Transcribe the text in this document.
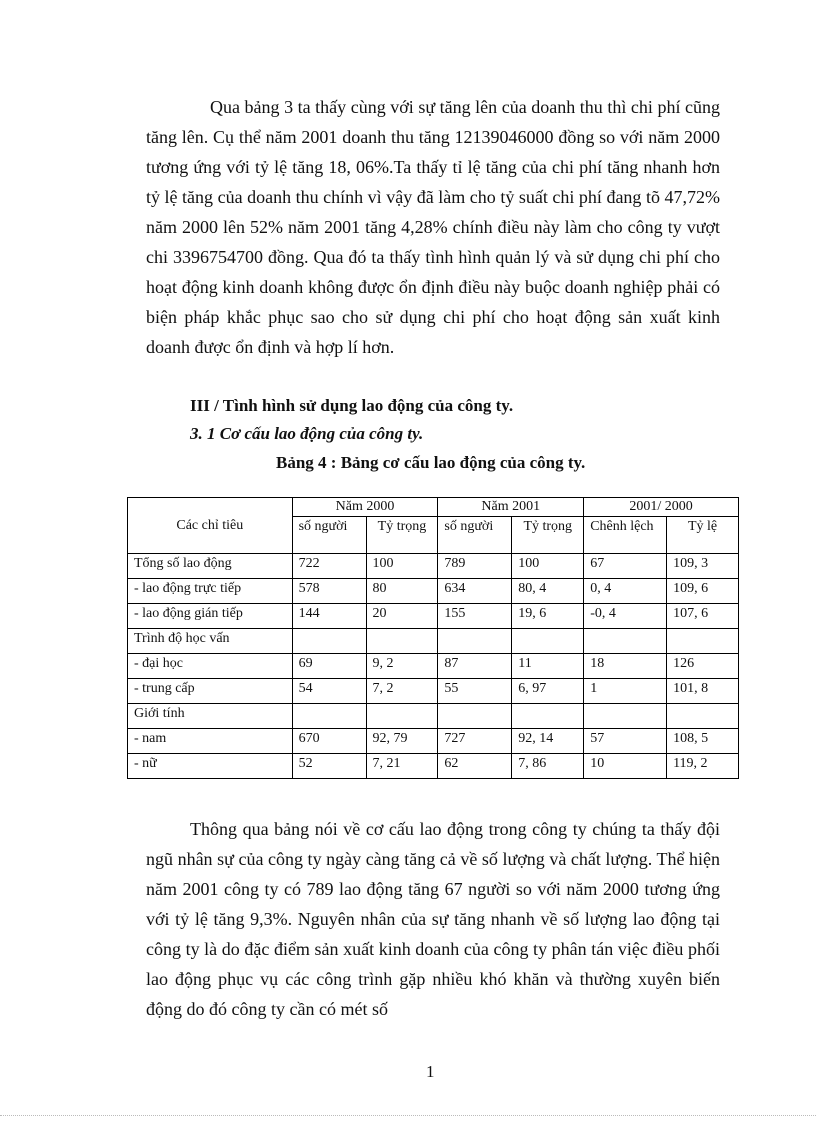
Qua bảng 3 ta thấy cùng với sự tăng lên của doanh thu thì chi phí cũng tăng lên. Cụ thể năm 2001 doanh thu tăng 12139046000 đồng so với năm 2000 tương ứng với tỷ lệ tăng 18, 06%.Ta thấy tỉ lệ tăng của chi phí tăng nhanh hơn tỷ lệ tăng của doanh thu chính vì vậy đã làm cho tỷ suất chi phí đang tõ 47,72% năm 2000 lên 52% năm 2001 tăng 4,28% chính điều này làm cho công ty vượt chi 3396754700 đồng. Qua đó ta thấy tình hình quản lý và sử dụng chi phí cho hoạt động kinh doanh không được ổn định điều này buộc doanh nghiệp phải có biện pháp khắc phục sao cho sử dụng chi phí cho hoạt động sản xuất kinh doanh được ổn định và hợp lí hơn.

III / Tình hình sử dụng lao động của công ty.

3. 1 Cơ cấu lao động của công ty.

Bảng 4 : Bảng cơ cấu lao động của công ty.

Các chỉ tiêu	Năm 2000		Năm 2001		2001/ 2000	
	số người	Tỷ trọng	số người	Tỷ trọng	Chênh lệch	Tỷ lệ
Tổng số lao động	722	100	789	100	67	109, 3
- lao động trực tiếp	578	80	634	80, 4	0, 4	109, 6
- lao động gián tiếp	144	20	155	19, 6	-0, 4	107, 6
Trình độ học vấn						
- đại học	69	9, 2	87	11	18	126
- trung cấp	54	7, 2	55	6, 97	1	101, 8
Giới tính						
- nam	670	92, 79	727	92, 14	57	108, 5
- nữ	52	7, 21	62	7, 86	10	119, 2

Thông qua bảng nói về cơ cấu lao động trong công ty chúng ta thấy đội ngũ nhân sự của công ty ngày càng tăng cả về số lượng và chất lượng. Thể hiện năm 2001 công ty có 789 lao động tăng 67 người so với năm 2000 tương ứng với tỷ lệ tăng 9,3%. Nguyên nhân của sự tăng nhanh về số lượng lao động tại công ty là do đặc điểm sản xuất kinh doanh của công ty phân tán việc điều phối lao động phục vụ các công trình gặp nhiều khó khăn và thường xuyên biến động do đó công ty cần có mét số

1
